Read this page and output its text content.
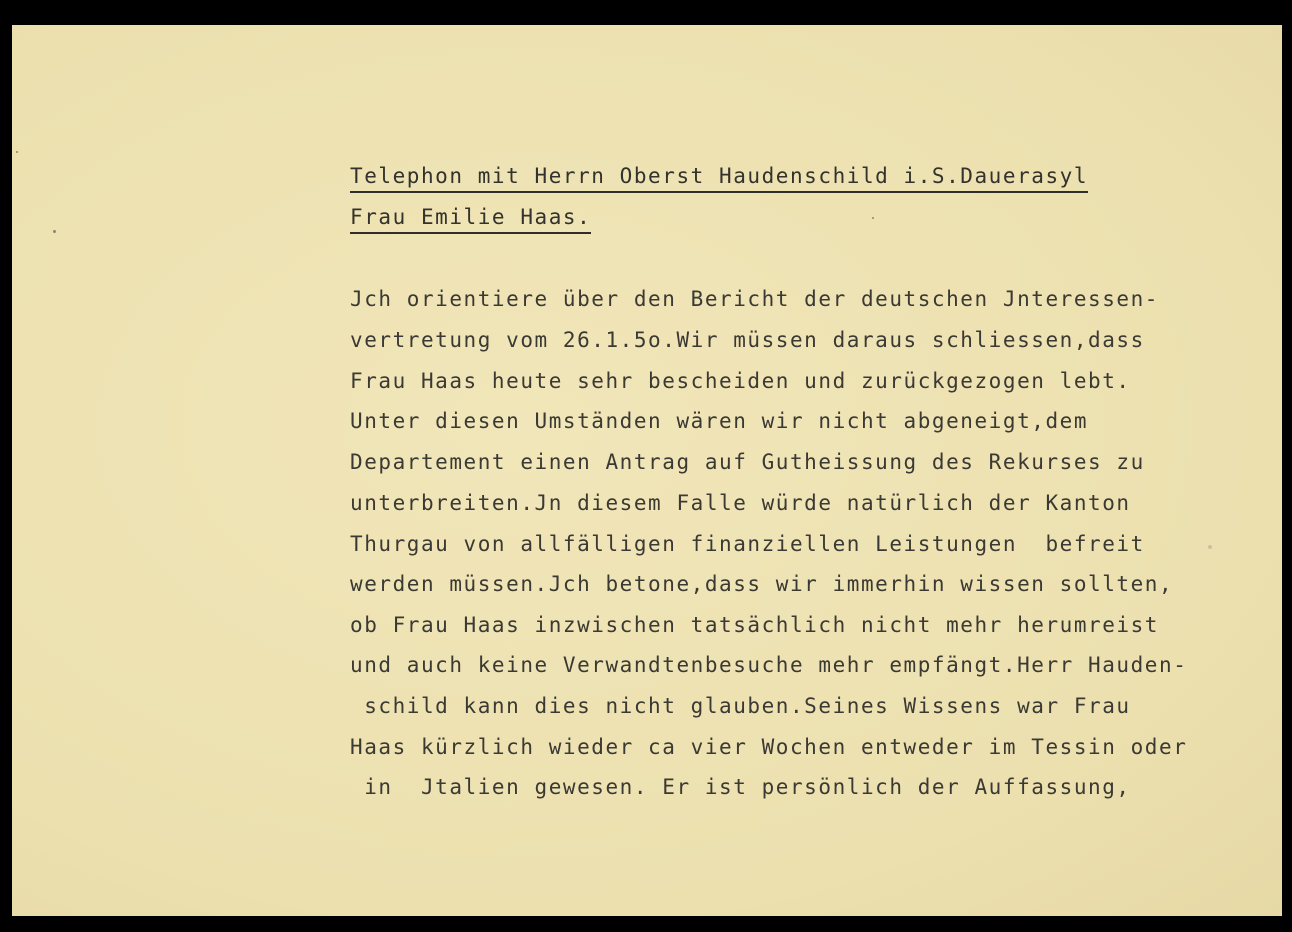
Telephon mit Herrn Oberst Haudenschild i.S.Dauerasyl
Frau Emilie Haas.
Jch orientiere über den Bericht der deutschen Jnteressen-
vertretung vom 26.1.5o.Wir müssen daraus schliessen,dass
Frau Haas heute sehr bescheiden und zurückgezogen lebt.
Unter diesen Umständen wären wir nicht abgeneigt,dem
Departement einen Antrag auf Gutheissung des Rekurses zu
unterbreiten.Jn diesem Falle würde natürlich der Kanton
Thurgau von allfälligen finanziellen Leistungen  befreit
werden müssen.Jch betone,dass wir immerhin wissen sollten,
ob Frau Haas inzwischen tatsächlich nicht mehr herumreist
und auch keine Verwandtenbesuche mehr empfängt.Herr Hauden-
schild kann dies nicht glauben.Seines Wissens war Frau
Haas kürzlich wieder ca vier Wochen entweder im Tessin oder
in  Jtalien gewesen. Er ist persönlich der Auffassung,
